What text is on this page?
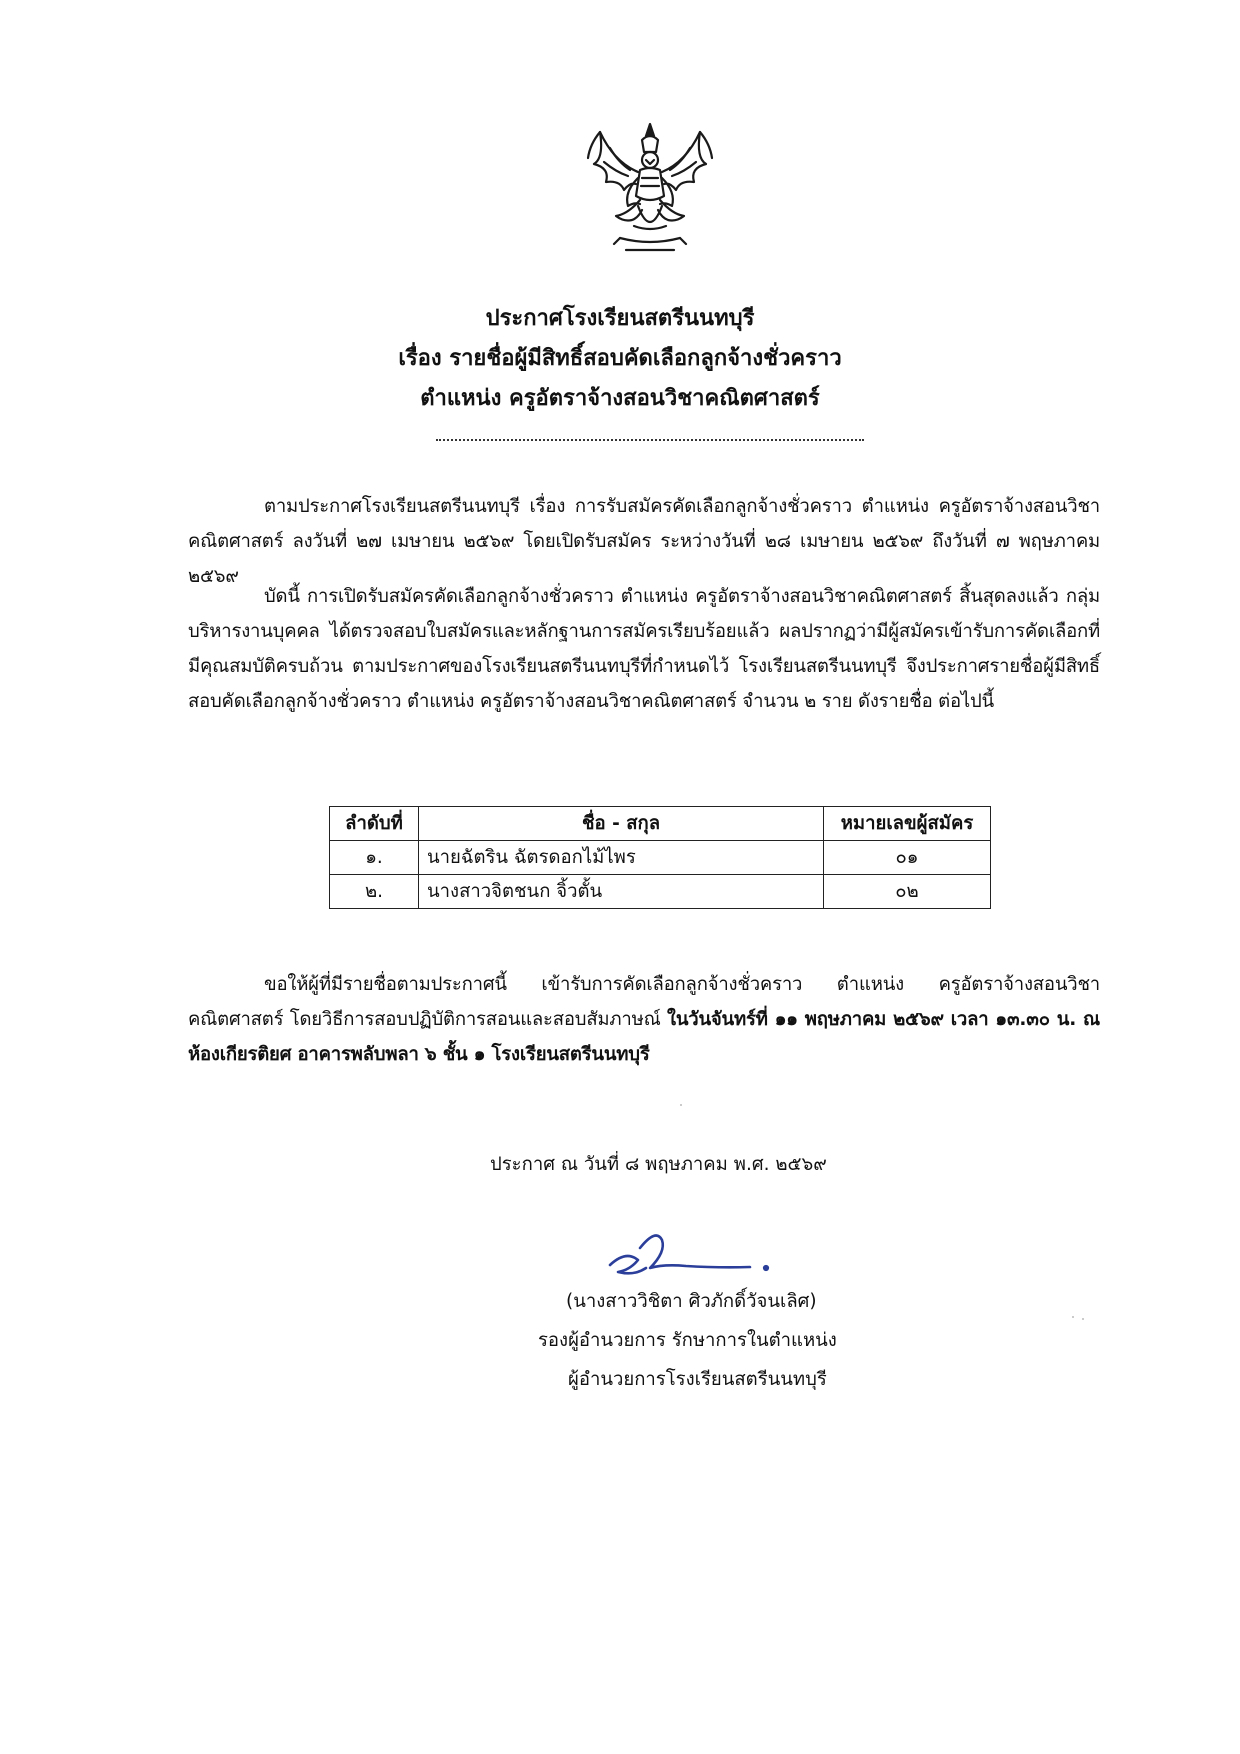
ประกาศโรงเรียนสตรีนนทบุรี
เรื่อง รายชื่อผู้มีสิทธิ์สอบคัดเลือกลูกจ้างชั่วคราว
ตำแหน่ง ครูอัตราจ้างสอนวิชาคณิตศาสตร์
ตามประกาศโรงเรียนสตรีนนทบุรี เรื่อง การรับสมัครคัดเลือกลูกจ้างชั่วคราว ตำแหน่ง ครูอัตราจ้างสอนวิชาคณิตศาสตร์ ลงวันที่ ๒๗ เมษายน ๒๕๖๙ โดยเปิดรับสมัคร ระหว่างวันที่ ๒๘ เมษายน ๒๕๖๙ ถึงวันที่ ๗ พฤษภาคม ๒๕๖๙
บัดนี้ การเปิดรับสมัครคัดเลือกลูกจ้างชั่วคราว ตำแหน่ง ครูอัตราจ้างสอนวิชาคณิตศาสตร์ สิ้นสุดลงแล้ว กลุ่มบริหารงานบุคคล ได้ตรวจสอบใบสมัครและหลักฐานการสมัครเรียบร้อยแล้ว ผลปรากฏว่ามีผู้สมัครเข้ารับการคัดเลือกที่มีคุณสมบัติครบถ้วน ตามประกาศของโรงเรียนสตรีนนทบุรีที่กำหนดไว้ โรงเรียนสตรีนนทบุรี จึงประกาศรายชื่อผู้มีสิทธิ์สอบคัดเลือกลูกจ้างชั่วคราว ตำแหน่ง ครูอัตราจ้างสอนวิชาคณิตศาสตร์ จำนวน ๒ ราย ดังรายชื่อ ต่อไปนี้
ลำดับที่	ชื่อ - สกุล	หมายเลขผู้สมัคร
๑.	นายฉัตริน ฉัตรดอกไม้ไพร	๐๑
๒.	นางสาวจิตชนก จิ้วตั้น	๐๒
ขอให้ผู้ที่มีรายชื่อตามประกาศนี้ เข้ารับการคัดเลือกลูกจ้างชั่วคราว ตำแหน่ง ครูอัตราจ้างสอนวิชาคณิตศาสตร์ โดยวิธีการสอบปฏิบัติการสอนและสอบสัมภาษณ์ ในวันจันทร์ที่ ๑๑ พฤษภาคม ๒๕๖๙ เวลา ๑๓.๓๐ น. ณ ห้องเกียรติยศ อาคารพลับพลา ๖ ชั้น ๑ โรงเรียนสตรีนนทบุรี
ประกาศ ณ วันที่ ๘ พฤษภาคม พ.ศ. ๒๕๖๙
(นางสาววิชิตา ศิวภักดิ์วัจนเลิศ)
รองผู้อำนวยการ รักษาการในตำแหน่ง
ผู้อำนวยการโรงเรียนสตรีนนทบุรี
